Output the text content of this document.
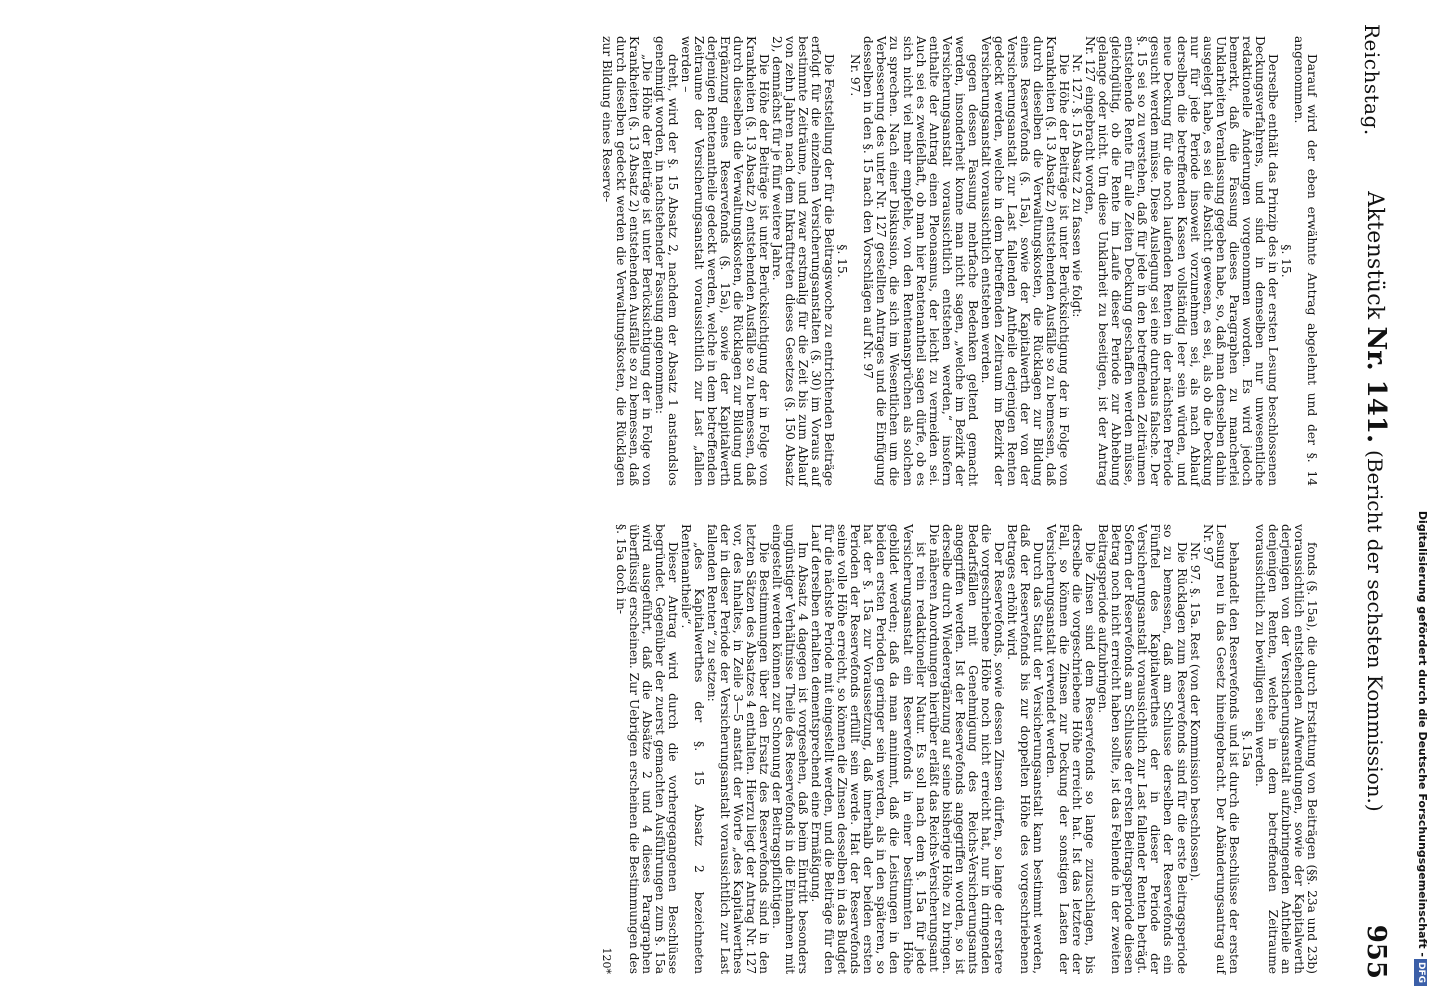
Reichstag.
Aktenstück Nr. 141. (Bericht der sechsten Kommission.)
955

Darauf wird der eben erwähnte Antrag abgelehnt und der §. 14 angenommen.

§. 15.

Derselbe enthält das Prinzip des in der ersten Lesung beschlossenen Deckungsverfahrens, und sind in demselben nur unwesentliche redaktionelle Änderungen vorgenommen worden. Es wird jedoch bemerkt, daß die Fassung dieses Paragraphen zu mancherlei Unklarheiten Veranlassung gegeben habe, so, daß man denselben dahin ausgelegt habe, es sei die Absicht gewesen, es sei, als ob die Deckung nur für jede Periode insoweit vorzunehmen sei, als nach Ablauf derselben die betreffenden Kassen vollständig leer sein würden, und neue Deckung für die noch laufenden Renten in der nächsten Periode gesucht werden müsse. Diese Auslegung sei eine durchaus falsche. Der §. 15 sei so zu verstehen, daß für jede in den betreffenden Zeiträumen entstehende Rente für alle Zeiten Deckung geschaffen werden müsse, gleichgültig, ob die Rente im Laufe dieser Periode zur Abhebung gelange oder nicht. Um diese Unklarheit zu beseitigen, ist der Antrag Nr. 127 eingebracht worden,

Nr. 127. §. 15 Absatz 2 zu fassen wie folgt:

Die Höhe der Beiträge ist unter Berücksichtigung der in Folge von Krankheiten (§. 13 Absatz 2) entstehenden Ausfälle so zu bemessen, daß durch dieselben die Verwaltungskosten, die Rücklagen zur Bildung eines Reservefonds (§. 15a), sowie der Kapitalwerth der von der Versicherungsanstalt zur Last fallenden Antheile derjenigen Renten gedeckt werden, welche in dem betreffenden Zeitraum im Bezirk der Versicherungsanstalt voraussichtlich entstehen werden.

gegen dessen Fassung mehrfache Bedenken geltend gemacht werden, insonderheit konne man nicht sagen, „welche im Bezirk der Versicherungsanstalt voraussichtlich entstehen werden,“ insofern enthalte der Antrag einen Pleonasmus, der leicht zu vermeiden sei. Auch sei es zweifelhaft, ob man hier Rentenantheil sagen dürfe, ob es sich nicht viel mehr empfehle, von den Rentenansprüchen als solchen zu sprechen. Nach einer Diskussion, die sich im Wesentlichen um die Verbesserung des unter Nr. 127 gestellten Antrages und die Einfügung desselben in den §. 15 nach den Vorschlägen auf Nr. 97

Nr. 97.

§. 15.

Die Feststellung der für die Beitragswoche zu entrichtenden Beiträge erfolgt für die einzelnen Versicherungsanstalten (§. 30) im Voraus auf bestimmte Zeiträume, und zwar erstmalig für die Zeit bis zum Ablauf von zehn Jahren nach dem Inkrafttreten dieses Gesetzes (§. 150 Absatz 2), demnächst für je fünf weitere Jahre.

Die Höhe der Beiträge ist unter Berücksichtigung der in Folge von Krankheiten (§. 13 Absatz 2) entstehenden Ausfälle so zu bemessen, daß durch dieselben die Verwaltungskosten, die Rücklagen zur Bildung und Ergänzung eines Reservefonds (§. 15a), sowie der Kapitalwerth derjenigen Rentenantheile gedeckt werden, welche in dem betreffenden Zeitraume der Versicherungsanstalt voraussichtlich zur Last „fallen werden –

dreht, wird der §. 15 Absatz 2, nachdem der Absatz 1 anstandslos genehmigt worden, in nachstehender Fassung angenommen:

„Die Höhe der Beiträge ist unter Berücksichtigung der in Folge von Krankheiten (§. 13 Absatz 2) entstehenden Ausfälle so zu bemessen, daß durch dieselben gedeckt werden die Verwaltungskosten, die Rücklagen zur Bildung eines Reserve-

fonds (§. 15a), die durch Erstattung von Beiträgen (§§. 23a und 23b) voraussichtlich entstehenden Aufwendungen, sowie der Kapitalwerth derjenigen von der Versicherungsanstalt aufzubringenden Antheile an denjenigen Renten, welche in dem betreffenden Zeitraume voraussichtlich zu bewilligen sein werden.

§. 15a

behandelt den Reservefonds und ist durch die Beschlüsse der ersten Lesung neu in das Gesetz hineingebracht. Der Abänderungsantrag auf Nr. 97

Nr. 97. §. 15a. Rest (von der Kommission beschlossen).

Die Rücklagen zum Reservefonds sind für die erste Beitragsperiode so zu bemessen, daß am Schlusse derselben der Reservefonds ein Fünftel des Kapitalwerthes der in dieser Periode der Versicherungsanstalt voraussichtlich zur Last fallender Renten beträgt. Sofern der Reservefonds am Schlusse der ersten Beitragsperiode diesen Betrag noch nicht erreicht haben sollte, ist das Fehlende in der zweiten Beitragsperiode aufzubringen.

Die Zinsen sind dem Reservefonds so lange zuzuschlagen, bis derselbe die vorgeschriebene Höhe erreicht hat. Ist das letztere der Fall, so können die Zinsen zur Deckung der sonstigen Lasten der Versicherungsanstalt verwendet werden.

Durch das Statut der Versicherungsanstalt kann bestimmt werden, daß der Reservefonds bis zur doppelten Höhe des vorgeschriebenen Betrages erhöht wird.

Der Reservefonds, sowie dessen Zinsen dürfen, so lange der erstere die vorgeschriebene Höhe noch nicht erreicht hat, nur in dringenden Bedarfsfällen mit Genehmigung des Reichs-Versicherungsamts angegriffen werden. Ist der Reservefonds angegriffen worden, so ist derselbe durch Wiederergänzung auf seine bisherige Höhe zu bringen. Die näheren Anordnungen hierüber erläßt das Reichs-Versicherungsamt

ist rein redaktioneller Natur. Es soll nach dem §. 15a für jede Versicherungsanstalt ein Reservefonds in einer bestimmten Höhe gebildet werden; daß da man annimmt, daß die Leistungen in den beiden ersten Perioden geringer sein werden, als in den späteren, so hat der §. 15a zur Voraussetzung, daß innerhalb der beiden ersten Perioden der Reservefonds erfüllt sein werde. Hat der Reservefonds seine volle Höhe erreicht, so können die Zinsen desselben in das Budget für die nächste Periode mit eingestellt werden, und die Beiträge für den Lauf derselben erhalten dementsprechend eine Ermäßigung.

Im Absatz 4 dagegen ist vorgesehen, daß beim Eintritt besonders ungünstiger Verhältnisse Theile des Reservefonds in die Einnahmen mit eingestellt werden können zur Schonung der Beitragspflichtigen.

Die Bestimmungen über den Ersatz des Reservefonds sind in den letzten Sätzen des Absatzes 4 enthalten. Hierzu liegt der Antrag Nr. 127 vor, des Inhaltes, in Zeile 3—5 anstatt der Worte „des Kapitalwerthes der in dieser Periode der Versicherungsanstalt voraussichtlich zur Last fallenden Renten“ zu setzen:

„des Kapitalwerthes der §. 15 Absatz 2 bezeichneten Rentenantheile“.

Dieser Antrag wird durch die vorhergegangenen Beschlüsse begründet. Gegenüber der zuerst gemachten Ausführungen zum §. 15a wird ausgeführt, daß die Absätze 2 und 4 dieses Paragraphen überflüssig erscheinen. Zur Uebrigen erscheinen die Bestimmungen des §. 15a doch in-

120*

Digitalisierung gefördert durch die Deutsche Forschungsgemeinschaft -DFG
